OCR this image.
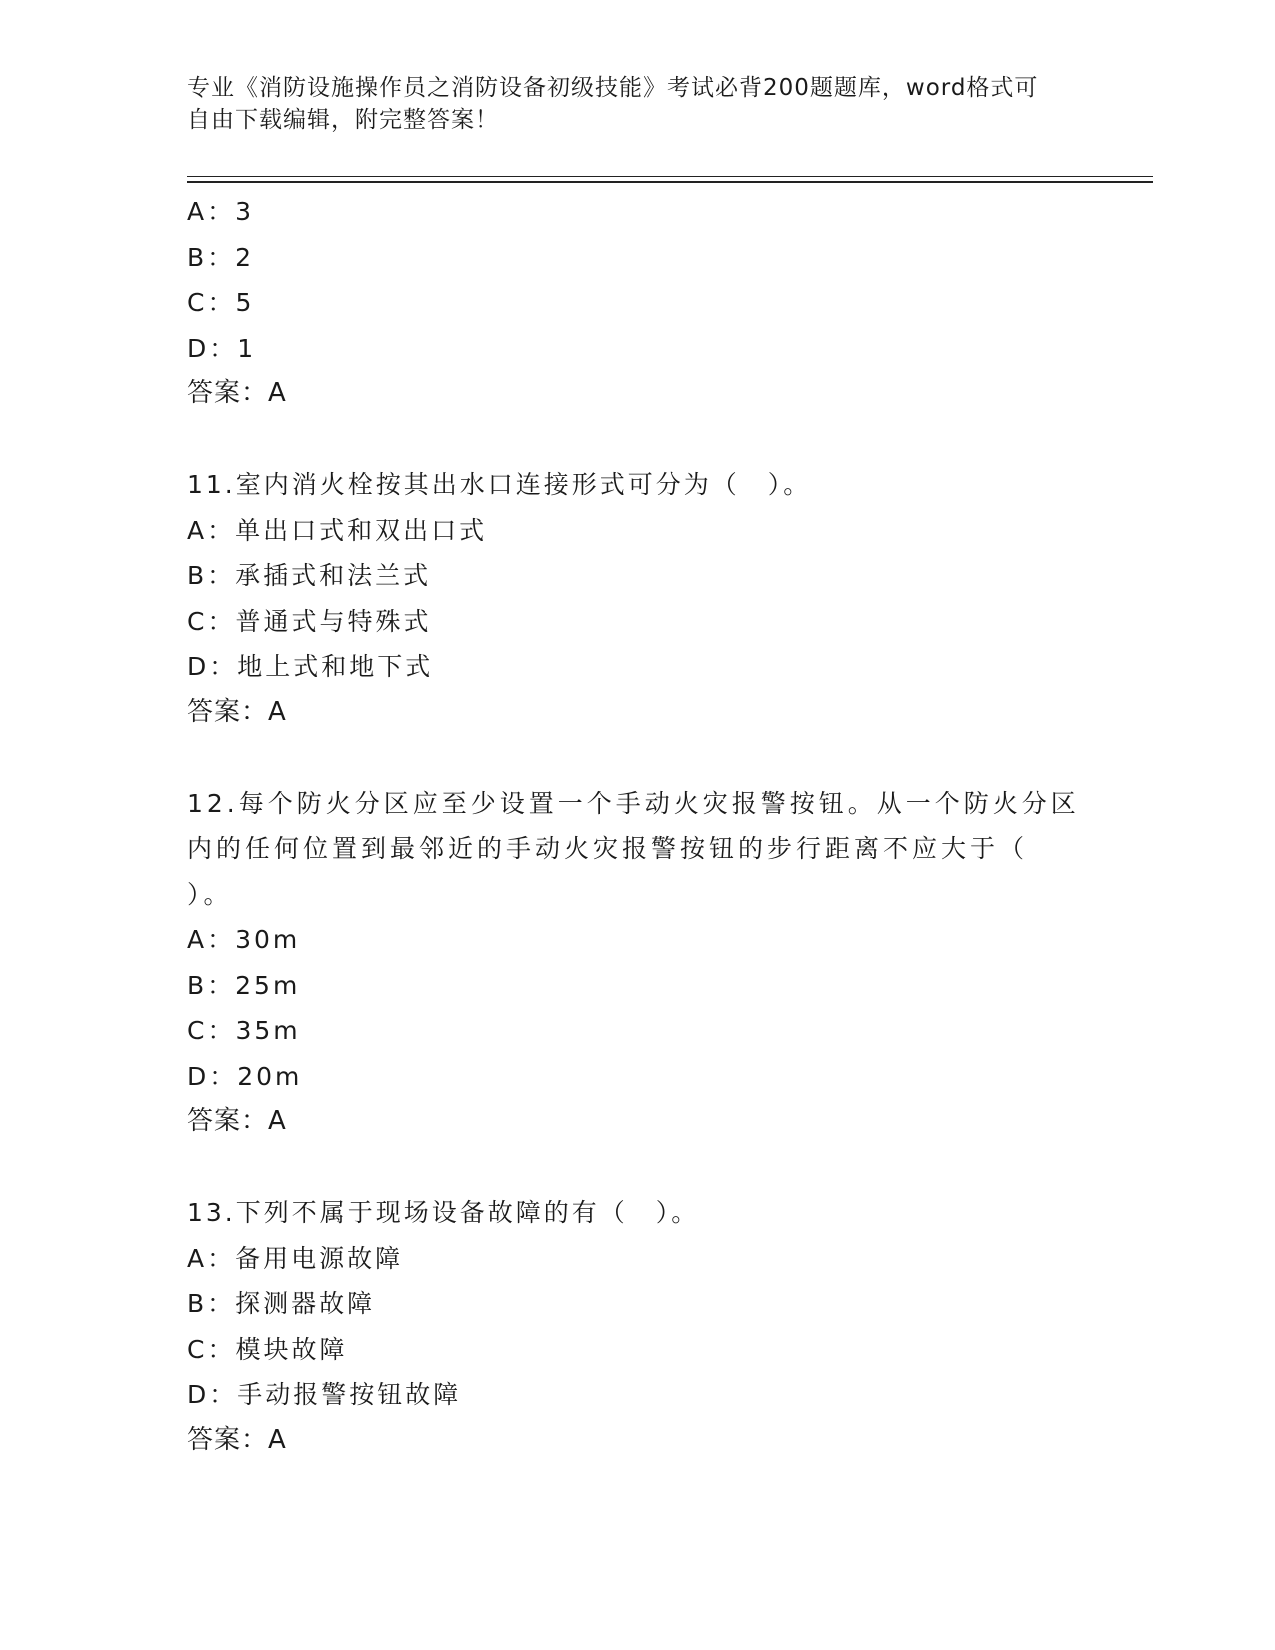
专业《消防设施操作员之消防设备初级技能》考试必背200题题库，word格式可
自由下载编辑，附完整答案！
A：3
B：2
C：5
D：1
答案：A
11.室内消火栓按其出水口连接形式可分为（　）。
A：单出口式和双出口式
B：承插式和法兰式
C：普通式与特殊式
D：地上式和地下式
答案：A
12.每个防火分区应至少设置一个手动火灾报警按钮。从一个防火分区
内的任何位置到最邻近的手动火灾报警按钮的步行距离不应大于（
）。
A：30m
B：25m
C：35m
D：20m
答案：A
13.下列不属于现场设备故障的有（　）。
A：备用电源故障
B：探测器故障
C：模块故障
D：手动报警按钮故障
答案：A
